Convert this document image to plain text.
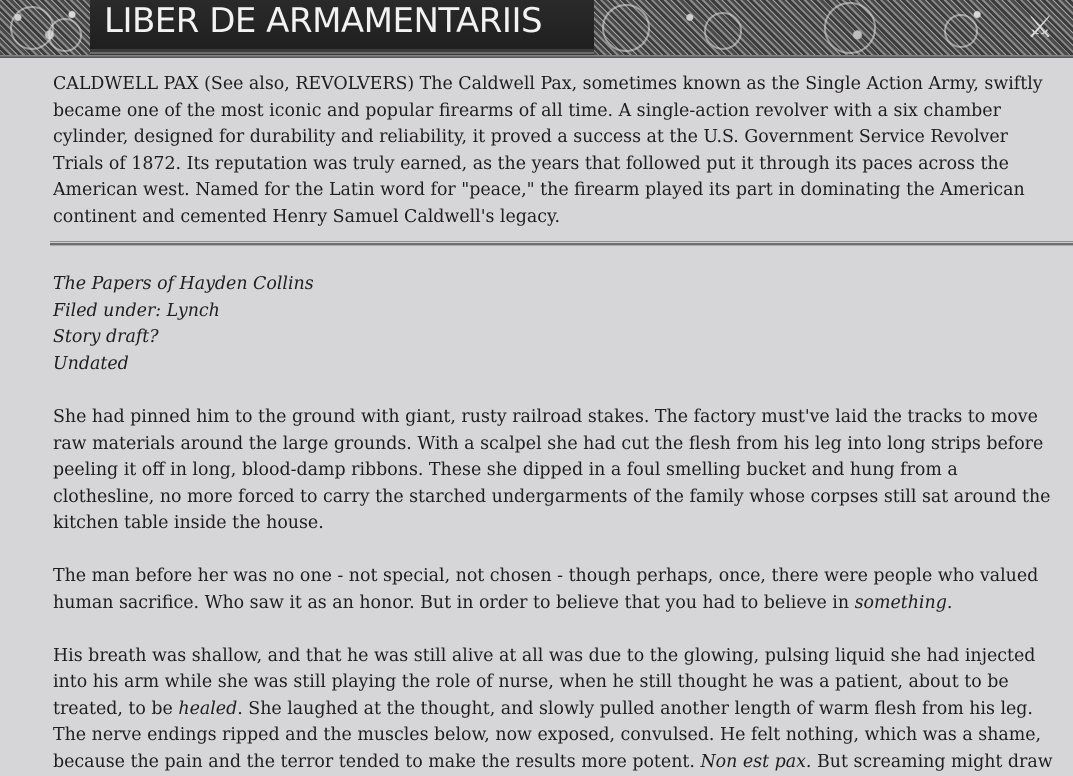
LIBER DE ARMAMENTARIIS	⚔

CALDWELL PAX (See also, REVOLVERS) The Caldwell Pax, sometimes known as the Single Action Army, swiftly became one of the most iconic and popular firearms of all time. A single-action revolver with a six chamber cylinder, designed for durability and reliability, it proved a success at the U.S. Government Service Revolver Trials of 1872. Its reputation was truly earned, as the years that followed put it through its paces across the American west. Named for the Latin word for "peace," the firearm played its part in dominating the American continent and cemented Henry Samuel Caldwell's legacy.

The Papers of Hayden Collins
Filed under: Lynch
Story draft?
Undated

She had pinned him to the ground with giant, rusty railroad stakes. The factory must've laid the tracks to move raw materials around the large grounds. With a scalpel she had cut the flesh from his leg into long strips before peeling it off in long, blood-damp ribbons. These she dipped in a foul smelling bucket and hung from a clothesline, no more forced to carry the starched undergarments of the family whose corpses still sat around the kitchen table inside the house.

The man before her was no one - not special, not chosen - though perhaps, once, there were people who valued human sacrifice. Who saw it as an honor. But in order to believe that you had to believe in something.

His breath was shallow, and that he was still alive at all was due to the glowing, pulsing liquid she had injected into his arm while she was still playing the role of nurse, when he still thought he was a patient, about to be treated, to be healed. She laughed at the thought, and slowly pulled another length of warm flesh from his leg. The nerve endings ripped and the muscles below, now exposed, convulsed. He felt nothing, which was a shame, because the pain and the terror tended to make the results more potent. Non est pax. But screaming might draw
